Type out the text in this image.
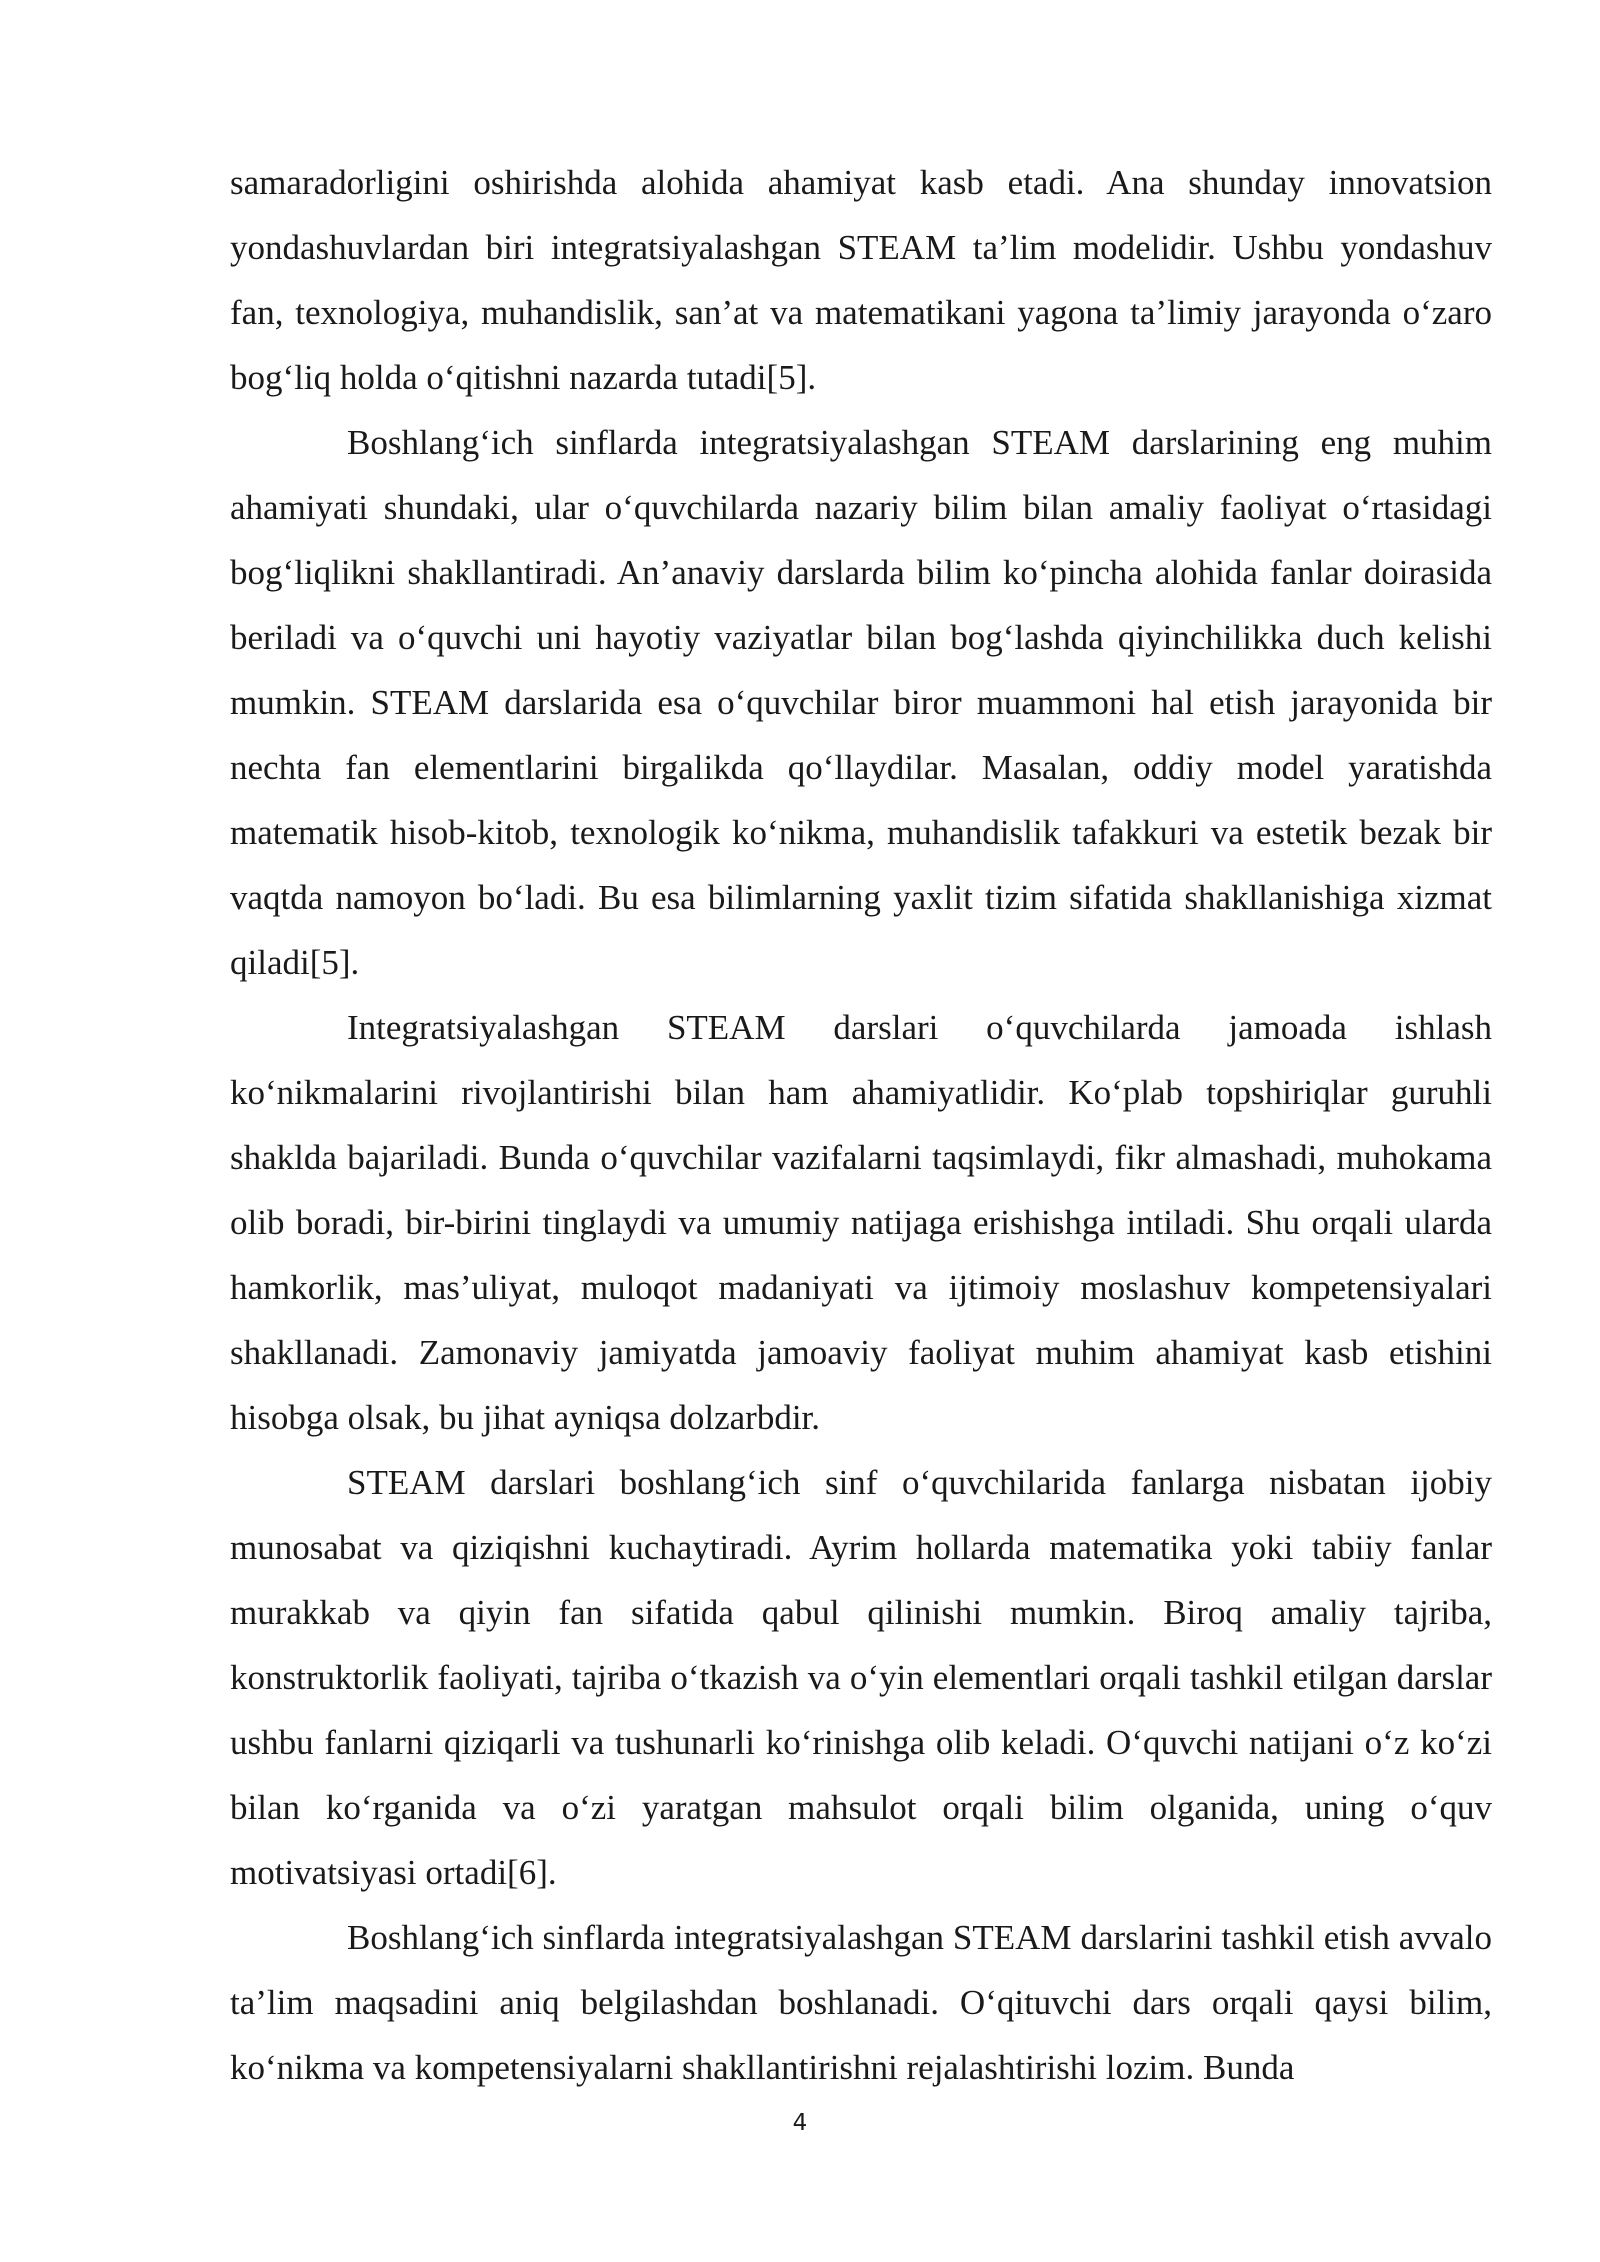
samaradorligini oshirishda alohida ahamiyat kasb etadi. Ana shunday innovatsion yondashuvlardan biri integratsiyalashgan STEAM ta’lim modelidir. Ushbu yondashuv fan, texnologiya, muhandislik, san’at va matematikani yagona ta’limiy jarayonda o‘zaro bog‘liq holda o‘qitishni nazarda tutadi[5].

Boshlang‘ich sinflarda integratsiyalashgan STEAM darslarining eng muhim ahamiyati shundaki, ular o‘quvchilarda nazariy bilim bilan amaliy faoliyat o‘rtasidagi bog‘liqlikni shakllantiradi. An’anaviy darslarda bilim ko‘pincha alohida fanlar doirasida beriladi va o‘quvchi uni hayotiy vaziyatlar bilan bog‘lashda qiyinchilikka duch kelishi mumkin. STEAM darslarida esa o‘quvchilar biror muammoni hal etish jarayonida bir nechta fan elementlarini birgalikda qo‘llaydilar. Masalan, oddiy model yaratishda matematik hisob-kitob, texnologik ko‘nikma, muhandislik tafakkuri va estetik bezak bir vaqtda namoyon bo‘ladi. Bu esa bilimlarning yaxlit tizim sifatida shakllanishiga xizmat qiladi[5].

Integratsiyalashgan STEAM darslari o‘quvchilarda jamoada ishlash ko‘nikmalarini rivojlantirishi bilan ham ahamiyatlidir. Ko‘plab topshiriqlar guruhli shaklda bajariladi. Bunda o‘quvchilar vazifalarni taqsimlaydi, fikr almashadi, muhokama olib boradi, bir-birini tinglaydi va umumiy natijaga erishishga intiladi. Shu orqali ularda hamkorlik, mas’uliyat, muloqot madaniyati va ijtimoiy moslashuv kompetensiyalari shakllanadi. Zamonaviy jamiyatda jamoaviy faoliyat muhim ahamiyat kasb etishini hisobga olsak, bu jihat ayniqsa dolzarbdir.

STEAM darslari boshlang‘ich sinf o‘quvchilarida fanlarga nisbatan ijobiy munosabat va qiziqishni kuchaytiradi. Ayrim hollarda matematika yoki tabiiy fanlar murakkab va qiyin fan sifatida qabul qilinishi mumkin. Biroq amaliy tajriba, konstruktorlik faoliyati, tajriba o‘tkazish va o‘yin elementlari orqali tashkil etilgan darslar ushbu fanlarni qiziqarli va tushunarli ko‘rinishga olib keladi. O‘quvchi natijani o‘z ko‘zi bilan ko‘rganida va o‘zi yaratgan mahsulot orqali bilim olganida, uning o‘quv motivatsiyasi ortadi[6].

Boshlang‘ich sinflarda integratsiyalashgan STEAM darslarini tashkil etish avvalo ta’lim maqsadini aniq belgilashdan boshlanadi. O‘qituvchi dars orqali qaysi bilim, ko‘nikma va kompetensiyalarni shakllantirishni rejalashtirishi lozim. Bunda

4
